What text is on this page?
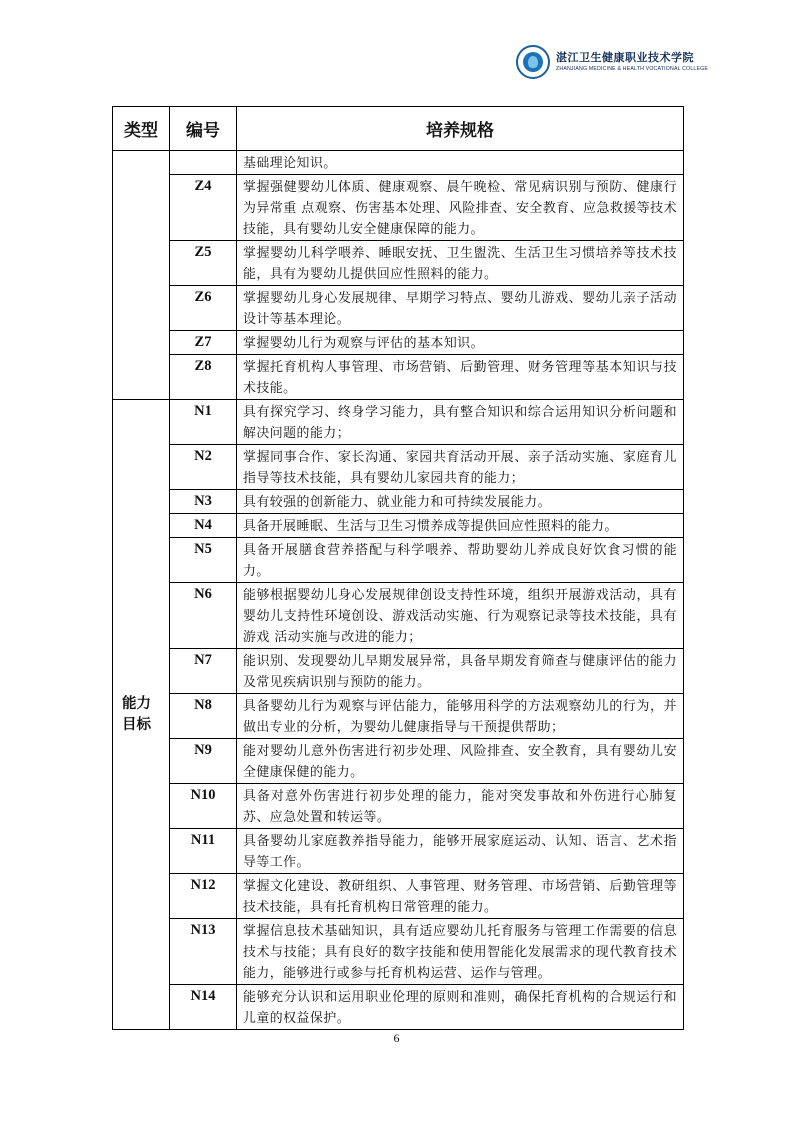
湛江卫生健康职业技术学院
ZHANJIANG MEDICINE & HEALTH VOCATIONAL COLLEGE
类型	编号	培养规格
		基础理论知识。
	Z4	掌握强健婴幼儿体质、健康观察、晨午晚检、常见病识别与预防、健康行为异常重 点观察、伤害基本处理、风险排查、安全教育、应急救援等技术技能，具有婴幼儿安全健康保障的能力。
	Z5	掌握婴幼儿科学喂养、睡眠安抚、卫生盥洗、生活卫生习惯培养等技术技能，具有为婴幼儿提供回应性照料的能力。
	Z6	掌握婴幼儿身心发展规律、早期学习特点、婴幼儿游戏、婴幼儿亲子活动设计等基本理论。
	Z7	掌握婴幼儿行为观察与评估的基本知识。
	Z8	掌握托育机构人事管理、市场营销、后勤管理、财务管理等基本知识与技术技能。
能力
目标	N1	具有探究学习、终身学习能力，具有整合知识和综合运用知识分析问题和解决问题的能力；
	N2	掌握同事合作、家长沟通、家园共育活动开展、亲子活动实施、家庭育儿指导等技术技能，具有婴幼儿家园共育的能力；
	N3	具有较强的创新能力、就业能力和可持续发展能力。
	N4	具备开展睡眠、生活与卫生习惯养成等提供回应性照料的能力。
	N5	具备开展膳食营养搭配与科学喂养、帮助婴幼儿养成良好饮食习惯的能力。
	N6	能够根据婴幼儿身心发展规律创设支持性环境，组织开展游戏活动，具有婴幼儿支持性环境创设、游戏活动实施、行为观察记录等技术技能，具有游戏 活动实施与改进的能力；
	N7	能识别、发现婴幼儿早期发展异常，具备早期发育筛查与健康评估的能力及常见疾病识别与预防的能力。
	N8	具备婴幼儿行为观察与评估能力，能够用科学的方法观察幼儿的行为，并做出专业的分析，为婴幼儿健康指导与干预提供帮助；
	N9	能对婴幼儿意外伤害进行初步处理、风险排查、安全教育，具有婴幼儿安全健康保健的能力。
	N10	具备对意外伤害进行初步处理的能力，能对突发事故和外伤进行心肺复苏、应急处置和转运等。
	N11	具备婴幼儿家庭教养指导能力，能够开展家庭运动、认知、语言、艺术指导等工作。
	N12	掌握文化建设、教研组织、人事管理、财务管理、市场营销、后勤管理等技术技能，具有托育机构日常管理的能力。
	N13	掌握信息技术基础知识，具有适应婴幼儿托育服务与管理工作需要的信息技术与技能；具有良好的数字技能和使用智能化发展需求的现代教育技术能力，能够进行或参与托育机构运营、运作与管理。
	N14	能够充分认识和运用职业伦理的原则和准则，确保托育机构的合规运行和儿童的权益保护。
6
